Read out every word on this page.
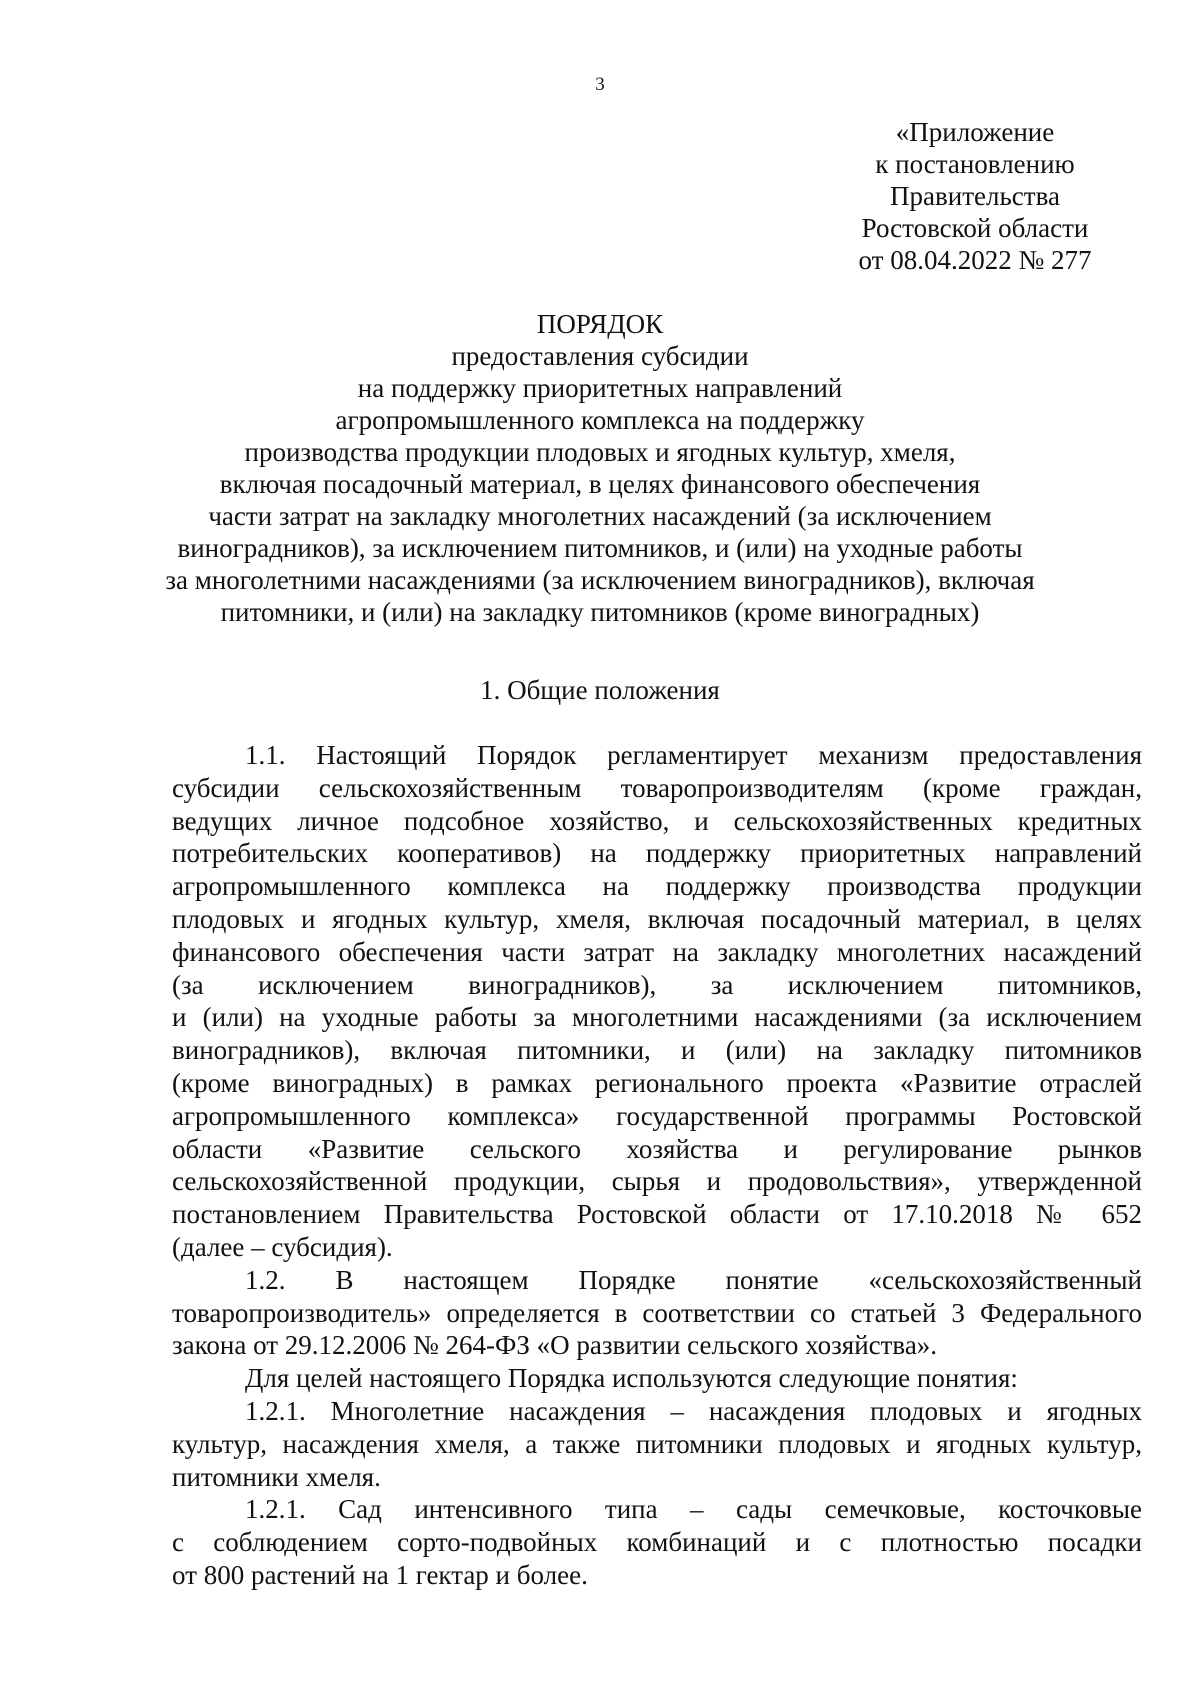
3
«Приложение
к постановлению
Правительства
Ростовской области
от 08.04.2022 № 277
ПОРЯДОК
предоставления субсидии
на поддержку приоритетных направлений
агропромышленного комплекса на поддержку
производства продукции плодовых и ягодных культур, хмеля,
включая посадочный материал, в целях финансового обеспечения
части затрат на закладку многолетних насаждений (за исключением
виноградников), за исключением питомников, и (или) на уходные работы
за многолетними насаждениями (за исключением виноградников), включая
питомники, и (или) на закладку питомников (кроме виноградных)
1. Общие положения
1.1. Настоящий Порядок регламентирует механизм предоставления
субсидии сельскохозяйственным товаропроизводителям (кроме граждан,
ведущих личное подсобное хозяйство, и сельскохозяйственных кредитных
потребительских кооперативов) на поддержку приоритетных направлений
агропромышленного комплекса на поддержку производства продукции
плодовых и ягодных культур, хмеля, включая посадочный материал, в целях
финансового обеспечения части затрат на закладку многолетних насаждений
(за исключением виноградников), за исключением питомников,
и (или) на уходные работы за многолетними насаждениями (за исключением
виноградников), включая питомники, и (или) на закладку питомников
(кроме виноградных) в рамках регионального проекта «Развитие отраслей
агропромышленного комплекса» государственной программы Ростовской
области «Развитие сельского хозяйства и регулирование рынков
сельскохозяйственной продукции, сырья и продовольствия», утвержденной
постановлением Правительства Ростовской области от 17.10.2018 № 652
(далее – субсидия).
1.2. В настоящем Порядке понятие «сельскохозяйственный
товаропроизводитель» определяется в соответствии со статьей 3 Федерального
закона от 29.12.2006 № 264-ФЗ «О развитии сельского хозяйства».
Для целей настоящего Порядка используются следующие понятия:
1.2.1. Многолетние насаждения – насаждения плодовых и ягодных
культур, насаждения хмеля, а также питомники плодовых и ягодных культур,
питомники хмеля.
1.2.1. Сад интенсивного типа – сады семечковые, косточковые
с соблюдением сорто-подвойных комбинаций и с плотностью посадки
от 800 растений на 1 гектар и более.
